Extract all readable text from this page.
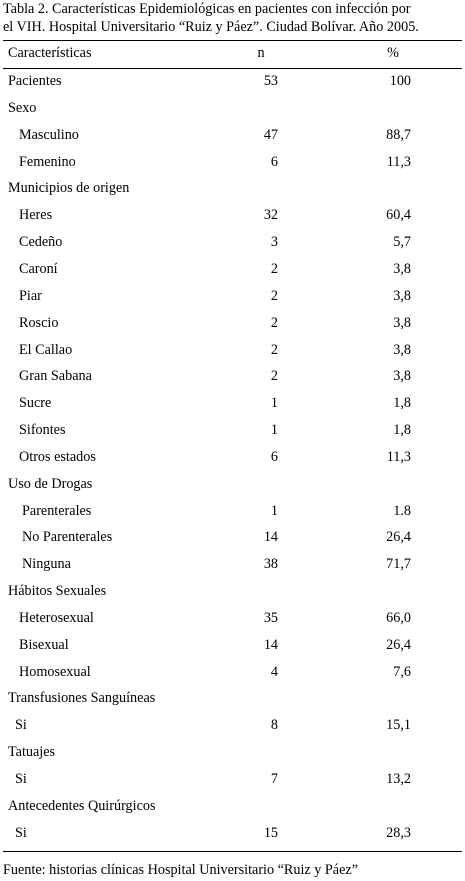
Tabla 2. Características Epidemiológicas en pacientes con infección por
el VIH. Hospital Universitario “Ruiz y Páez”. Ciudad Bolívar. Año 2005.
Características	n	%
Pacientes	53	100
Sexo
Masculino	47	88,7
Femenino	6	11,3
Municipios de origen
Heres	32	60,4
Cedeño	3	5,7
Caroní	2	3,8
Piar	2	3,8
Roscio	2	3,8
El Callao	2	3,8
Gran Sabana	2	3,8
Sucre	1	1,8
Sifontes	1	1,8
Otros estados	6	11,3
Uso de Drogas
Parenterales	1	1.8
No Parenterales	14	26,4
Ninguna	38	71,7
Hábitos Sexuales
Heterosexual	35	66,0
Bisexual	14	26,4
Homosexual	4	7,6
Transfusiones Sanguíneas
Si	8	15,1
Tatuajes
Si	7	13,2
Antecedentes Quirúrgicos
Si	15	28,3
Fuente: historias clínicas Hospital Universitario “Ruiz y Páez”
